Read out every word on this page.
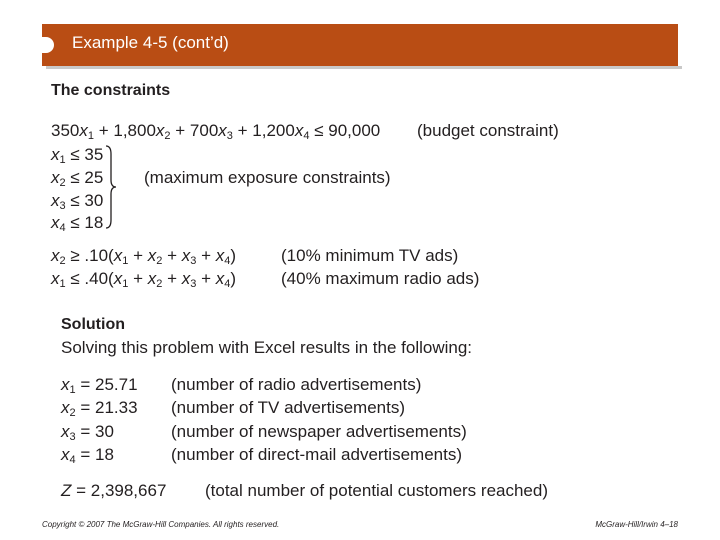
Example 4-5 (cont’d)
The constraints
$350x_1 + 1,800x_2 + 700x_3 + 1,200x_4 \le 90,000$ (budget constraint)
$x_1 \le 35$
$x_2 \le 25$
$x_3 \le 30$
$x_4 \le 18$
(maximum exposure constraints)
$x_2 \ge .10(x_1 + x_2 + x_3 + x_4)$	(10% minimum TV ads)
$x_1 \le .40(x_1 + x_2 + x_3 + x_4)$	(40% maximum radio ads)
Solution
Solving this problem with Excel results in the following:
$x_1 = 25.71$ (number of radio advertisements)
$x_2 = 21.33$ (number of TV advertisements)
$x_3 = 30$	(number of newspaper advertisements)
$x_4 = 18$	(number of direct-mail advertisements)
Z = 2,398,667 (total number of potential customers reached)
Copyright © 2007 The McGraw-Hill Companies. All rights reserved.	McGraw-Hill/Irwin 4–18
